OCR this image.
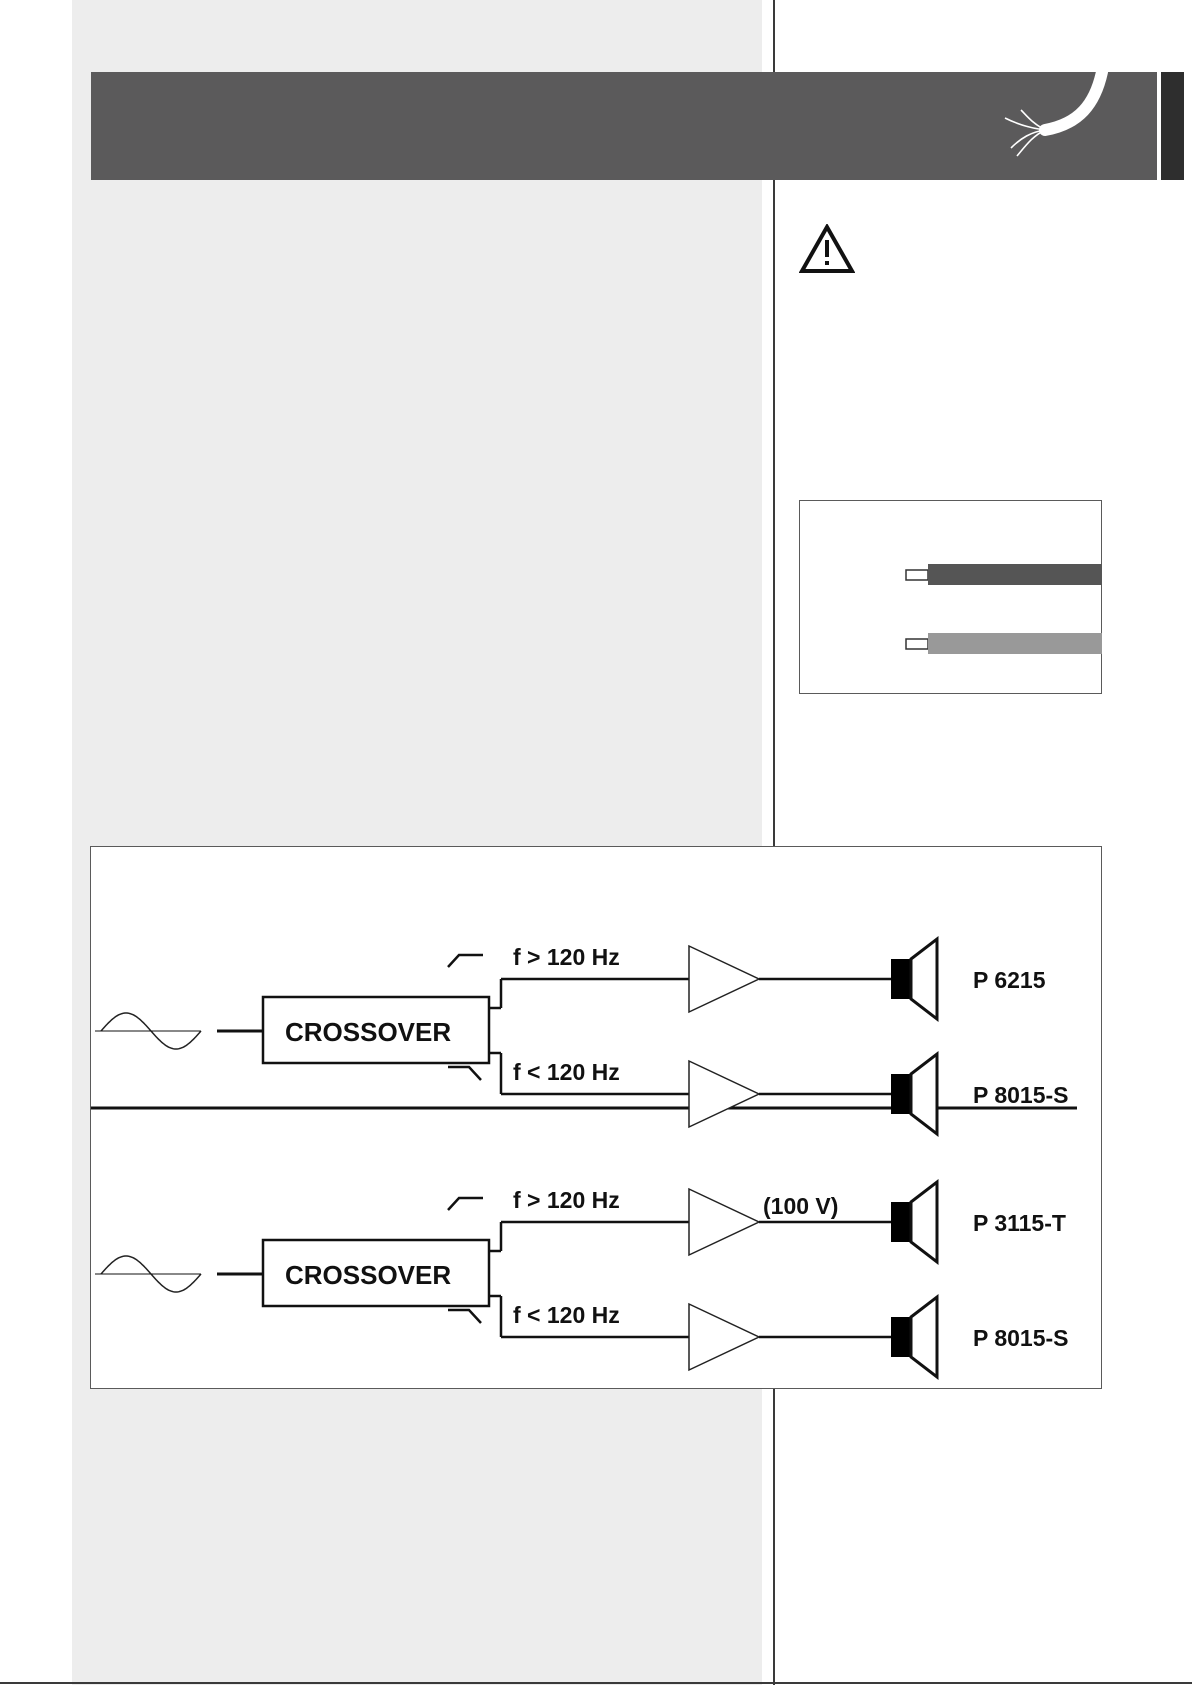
CROSSOVER
f > 120 Hz
P 6215
f < 120 Hz
P 8015-S
CROSSOVER
f > 120 Hz	(100 V)
P 3115-T
f < 120 Hz
P 8015-S
